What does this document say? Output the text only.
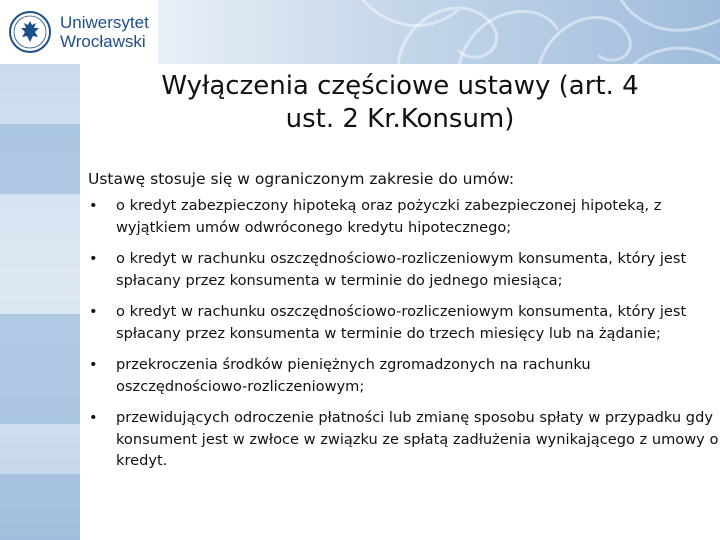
Uniwersytet
Wrocławski
Wyłączenia częściowe ustawy (art. 4
ust. 2 Kr.Konsum)

Ustawę stosuje się w ograniczonym zakresie do umów:

• o kredyt zabezpieczony hipoteką oraz pożyczki zabezpieczonej hipoteką, z wyjątkiem umów odwróconego kredytu hipotecznego;
• o kredyt w rachunku oszczędnościowo-rozliczeniowym konsumenta, który jest spłacany przez konsumenta w terminie do jednego miesiąca;
• o kredyt w rachunku oszczędnościowo-rozliczeniowym konsumenta, który jest spłacany przez konsumenta w terminie do trzech miesięcy lub na żądanie;
• przekroczenia środków pieniężnych zgromadzonych na rachunku oszczędnościowo-rozliczeniowym;
• przewidujących odroczenie płatności lub zmianę sposobu spłaty w przypadku gdy konsument jest w zwłoce w związku ze spłatą zadłużenia wynikającego z umowy o kredyt.
